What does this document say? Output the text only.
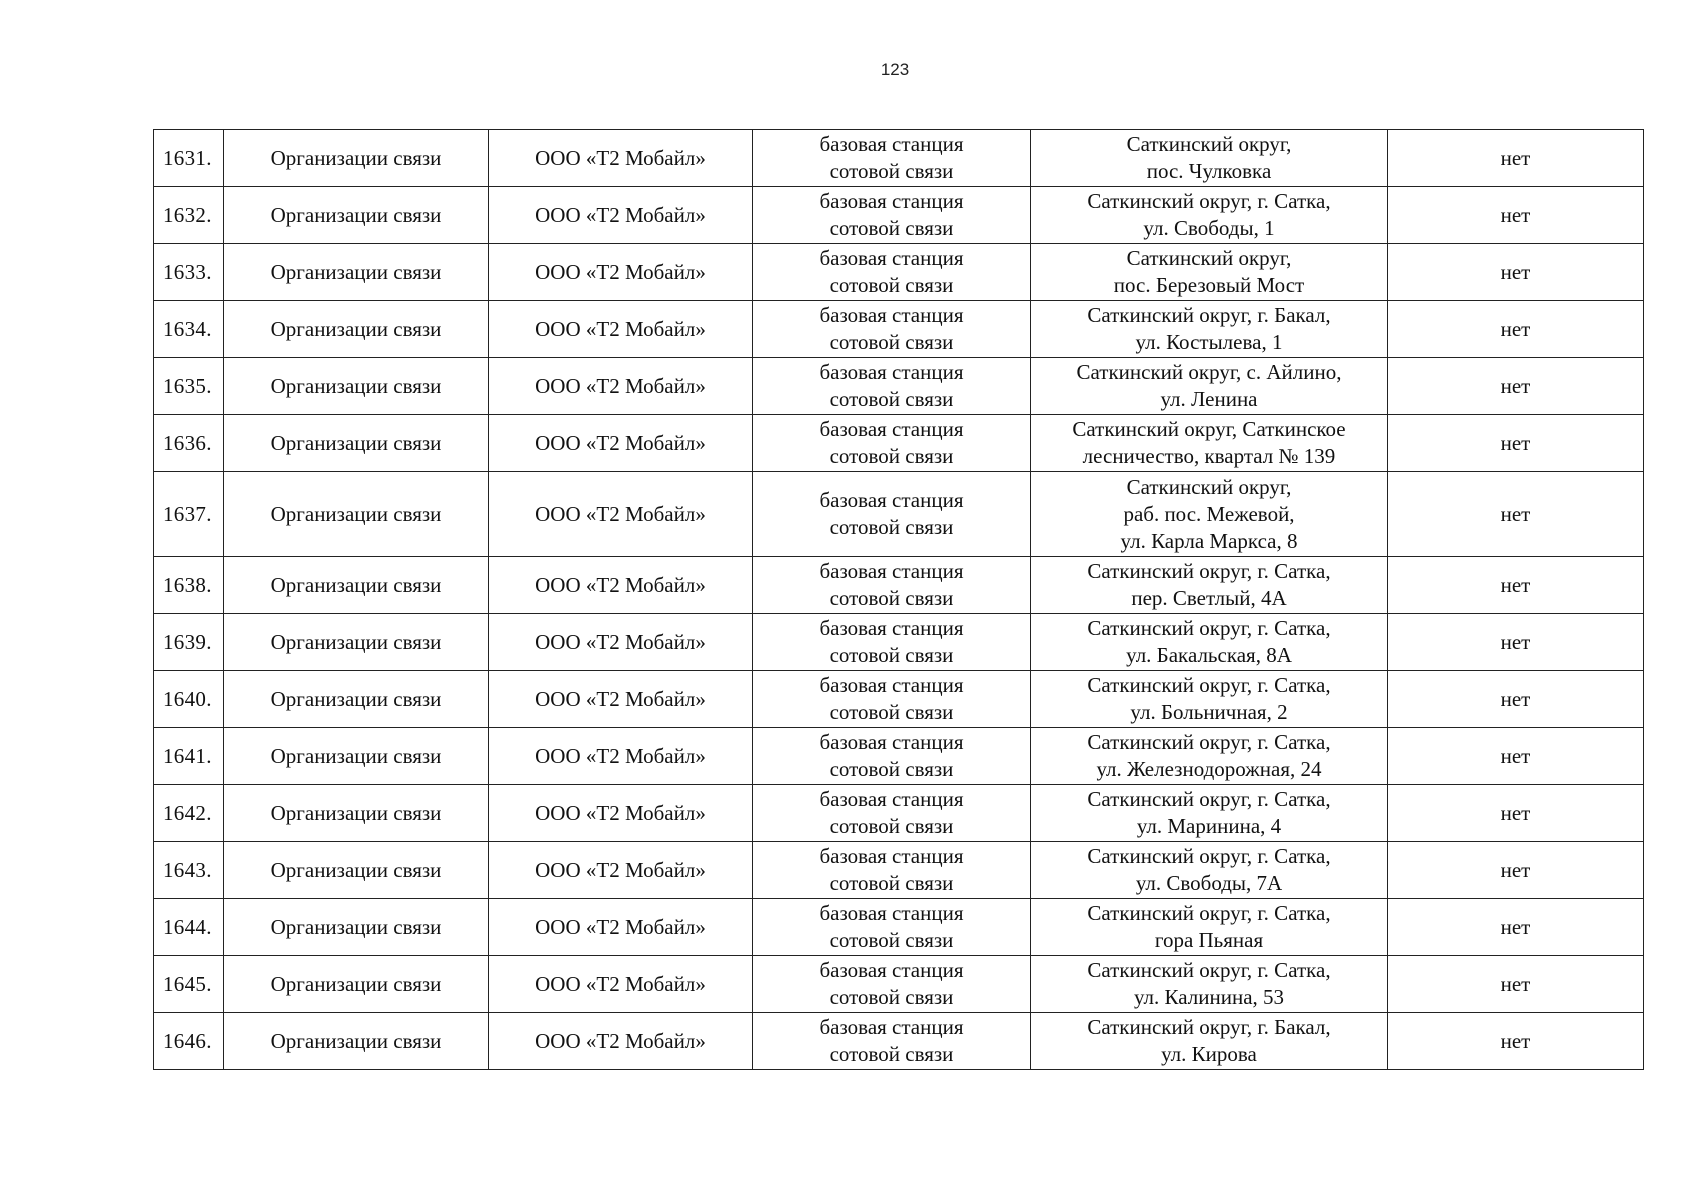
123
1631.	Организации связи	ООО «Т2 Мобайл»	базовая станция
сотовой связи	Саткинский округ,
пос. Чулковка	нет
1632.	Организации связи	ООО «Т2 Мобайл»	базовая станция
сотовой связи	Саткинский округ, г. Сатка,
ул. Свободы, 1	нет
1633.	Организации связи	ООО «Т2 Мобайл»	базовая станция
сотовой связи	Саткинский округ,
пос. Березовый Мост	нет
1634.	Организации связи	ООО «Т2 Мобайл»	базовая станция
сотовой связи	Саткинский округ, г. Бакал,
ул. Костылева, 1	нет
1635.	Организации связи	ООО «Т2 Мобайл»	базовая станция
сотовой связи	Саткинский округ, с. Айлино,
ул. Ленина	нет
1636.	Организации связи	ООО «Т2 Мобайл»	базовая станция
сотовой связи	Саткинский округ, Саткинское
лесничество, квартал № 139	нет
1637.	Организации связи	ООО «Т2 Мобайл»	базовая станция
сотовой связи	Саткинский округ,
раб. пос. Межевой,
ул. Карла Маркса, 8	нет
1638.	Организации связи	ООО «Т2 Мобайл»	базовая станция
сотовой связи	Саткинский округ, г. Сатка,
пер. Светлый, 4А	нет
1639.	Организации связи	ООО «Т2 Мобайл»	базовая станция
сотовой связи	Саткинский округ, г. Сатка,
ул. Бакальская, 8А	нет
1640.	Организации связи	ООО «Т2 Мобайл»	базовая станция
сотовой связи	Саткинский округ, г. Сатка,
ул. Больничная, 2	нет
1641.	Организации связи	ООО «Т2 Мобайл»	базовая станция
сотовой связи	Саткинский округ, г. Сатка,
ул. Железнодорожная, 24	нет
1642.	Организации связи	ООО «Т2 Мобайл»	базовая станция
сотовой связи	Саткинский округ, г. Сатка,
ул. Маринина, 4	нет
1643.	Организации связи	ООО «Т2 Мобайл»	базовая станция
сотовой связи	Саткинский округ, г. Сатка,
ул. Свободы, 7А	нет
1644.	Организации связи	ООО «Т2 Мобайл»	базовая станция
сотовой связи	Саткинский округ, г. Сатка,
гора Пьяная	нет
1645.	Организации связи	ООО «Т2 Мобайл»	базовая станция
сотовой связи	Саткинский округ, г. Сатка,
ул. Калинина, 53	нет
1646.	Организации связи	ООО «Т2 Мобайл»	базовая станция
сотовой связи	Саткинский округ, г. Бакал,
ул. Кирова	нет
